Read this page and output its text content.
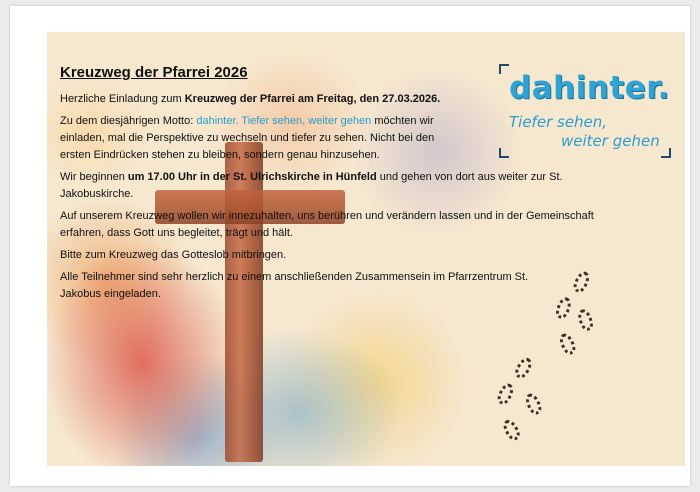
dahinter.
Tiefer sehen,
weiter gehen
Kreuzweg der Pfarrei 2026

Herzliche Einladung zum Kreuzweg der Pfarrei am Freitag, den 27.03.2026.

Zu dem diesjährigen Motto: dahinter. Tiefer sehen, weiter gehen möchten wir einladen, mal die Perspektive zu wechseln und tiefer zu sehen. Nicht bei den ersten Eindrücken stehen zu bleiben, sondern genau hinzusehen.

Wir beginnen um 17.00 Uhr in der St. Ulrichskirche in Hünfeld und gehen von dort aus weiter zur St. Jakobuskirche.

Auf unserem Kreuzweg wollen wir innezuhalten, uns berühren und verändern lassen und in der Gemeinschaft erfahren, dass Gott uns begleitet, trägt und hält.

Bitte zum Kreuzweg das Gotteslob mitbringen.

Alle Teilnehmer sind sehr herzlich zu einem anschließenden Zusammensein im Pfarrzentrum St. Jakobus eingeladen.
